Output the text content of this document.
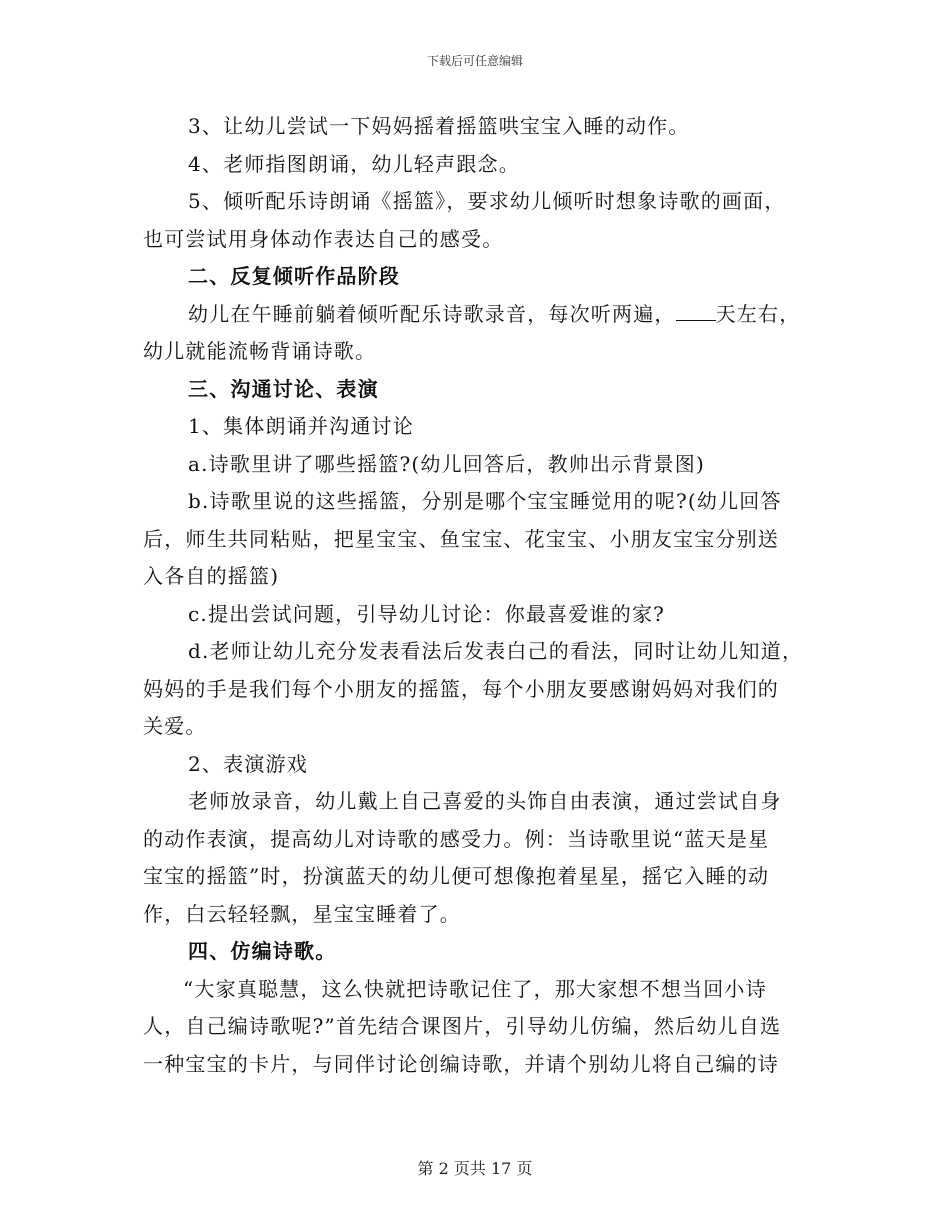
下载后可任意编辑
3、让幼儿尝试一下妈妈摇着摇篮哄宝宝入睡的动作。
4、老师指图朗诵，幼儿轻声跟念。
5、倾听配乐诗朗诵《摇篮》，要求幼儿倾听时想象诗歌的画面，
也可尝试用身体动作表达自己的感受。
二、反复倾听作品阶段
幼儿在午睡前躺着倾听配乐诗歌录音，每次听两遍， 天左右，
幼儿就能流畅背诵诗歌。
三、沟通讨论、表演
1、集体朗诵并沟通讨论
a.诗歌里讲了哪些摇篮?(幼儿回答后，教帅出示背景图)
b.诗歌里说的这些摇篮，分别是哪个宝宝睡觉用的呢?(幼儿回答
后，师生共同粘贴，把星宝宝、鱼宝宝、花宝宝、小朋友宝宝分别送
入各自的摇篮)
c.提出尝试问题，引导幼儿讨论：你最喜爱谁的家?
d.老师让幼儿充分发表看法后发表白己的看法，同时让幼儿知道，
妈妈的手是我们每个小朋友的摇篮，每个小朋友要感谢妈妈对我们的
关爱。
2、表演游戏
老师放录音，幼儿戴上自己喜爱的头饰自由表演，通过尝试自身
的动作表演，提高幼儿对诗歌的感受力。例：当诗歌里说“蓝天是星
宝宝的摇篮”时，扮演蓝天的幼儿便可想像抱着星星，摇它入睡的动
作，白云轻轻飘，星宝宝睡着了。
四、仿编诗歌。
“大家真聪慧，这么快就把诗歌记住了，那大家想不想当回小诗
人，自己编诗歌呢?”首先结合课图片，引导幼儿仿编，然后幼儿自选
一种宝宝的卡片，与同伴讨论创编诗歌，并请个别幼儿将自己编的诗
第 2 页共 17 页
